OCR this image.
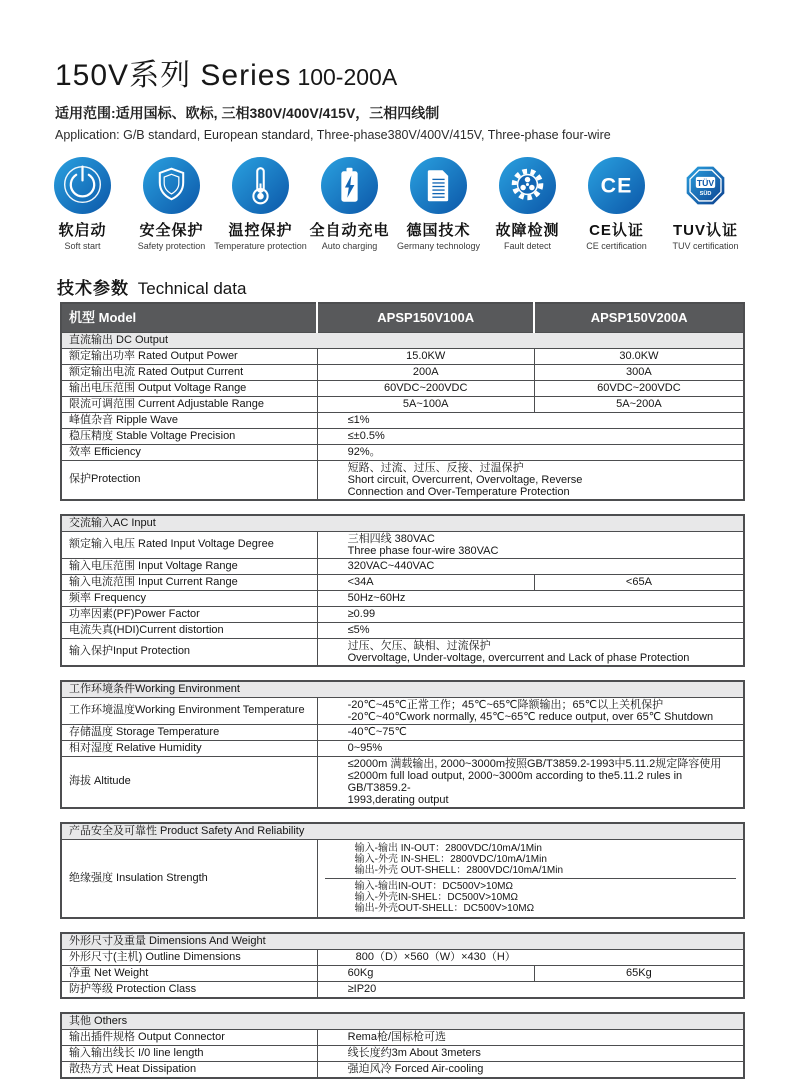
150V系列 Series 100-200A
适用范围:适用国标、欧标, 三相380V/400V/415V，三相四线制
Application: G/B standard, European standard, Three-phase380V/400V/415V, Three-phase four-wire
软启动
Soft start
安全保护
Safety protection
温控保护
Temperature protection
全自动充电
Auto charging
德国技术
Germany technology
故障检测
Fault detect
CE
CE认证
CE certification
TÜV
SÜD
TUV认证
TUV certification
技术参数 Technical data
机型 Model	APSP150V100A	APSP150V200A
直流输出 DC Output		
额定输出功率 Rated Output Power	15.0KW	30.0KW
额定输出电流 Rated Output Current	200A	300A
输出电压范围 Output Voltage Range	60VDC~200VDC	60VDC~200VDC
限流可调范围 Current Adjustable Range	5A~100A	5A~200A
峰值杂音 Ripple Wave	≤1%	
稳压精度 Stable Voltage Precision	≤±0.5%	
效率 Efficiency	92%。	
保护Protection	短路、过流、过压、反接、过温保护
Short circuit, Overcurrent, Overvoltage, Reverse
Connection and Over-Temperature Protection	
交流输入AC Input		
额定输入电压 Rated Input Voltage Degree	三相四线 380VAC
Three phase four-wire 380VAC	

输入电压范围 Input Voltage Range	320VAC~440VAC	
输入电流范围 Input Current Range	<34A	<65A
频率 Frequency	50Hz~60Hz	
功率因素(PF)Power Factor	≥0.99	
电流失真(HDI)Current distortion	≤5%	
输入保护Input Protection	过压、欠压、缺相、过流保护
Overvoltage, Under-voltage, overcurrent and Lack of phase Protection	
工作环境条件Working Environment	
工作环境温度Working Environment Temperature	-20℃~45℃正常工作；45℃~65℃降额输出；65℃以上关机保护
-20℃~40℃work normally, 45℃~65℃ reduce output, over 65℃ Shutdown

存储温度 Storage Temperature	-40℃~75℃
相对湿度 Relative Humidity	0~95%
海拔 Altitude	≤2000m 满载输出, 2000~3000m按照GB/T3859.2-1993中5.11.2规定降容使用
≤2000m full load output, 2000~3000m according to the5.11.2 rules in GB/T3859.2-
1993,derating output
产品安全及可靠性 Product Safety And Reliability
绝缘强度 Insulation Strength	
输入-输出 IN-OUT：2800VDC/10mA/1Min
输入-外壳 IN-SHEL：2800VDC/10mA/1Min
输出-外壳 OUT-SHELL：2800VDC/10mA/1Min
输入-输出IN-OUT：DC500V>10MΩ
输入-外壳IN-SHEL：DC500V>10MΩ
输出-外壳OUT-SHELL：DC500V>10MΩ
外形尺寸及重量 Dimensions And Weight		
外形尺寸(主机) Outline Dimensions	800（D）×560（W）×430（H）	
净重 Net Weight	60Kg	65Kg
防护等级 Protection Class	≥IP20	
其他 Others	
输出插件规格 Output Connector	Rema枪/国标枪可选
输入输出线长 I/0 line length	线长度约3m About 3meters
散热方式 Heat Dissipation	强迫风冷 Forced Air-cooling
